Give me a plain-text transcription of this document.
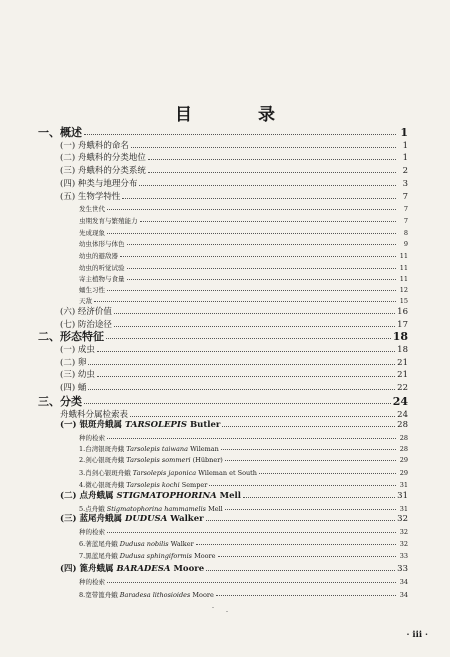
目 录
一、概述	1
(一) 舟蛾科的命名	1
(二) 舟蛾科的分类地位	1
(三) 舟蛾科的分类系统	2
(四) 种类与地理分布	3
(五) 生物学特性	7
发生世代	7
虫期发育与繁殖能力	7
先成现象	8
幼虫体形与体色	9
幼虫的避敌器	11
幼虫的听觉试验	11
寄主植物与食量	11
蛹生习性	12
天敌	15
(六) 经济价值	16
(七) 防治途径	17
二、形态特征	18
(一) 成虫	18
(二) 卵	21
(三) 幼虫	21
(四) 蛹	22
三、分类	24
舟蛾科分属检索表	24
(一) 银斑舟蛾属 TARSOLEPIS Butler	28
种的检索	28
1.台湾银斑舟蛾 Tarsolepis taiwana Wileman	28
2.剑心银斑舟蛾 Tarsolepis sommeri (Hübner)	29
3.肖剑心银斑舟蛾 Tarsolepis japonica Wileman et South	29
4.微心银斑舟蛾 Tarsolepis kochi Semper	31
(二) 点舟蛾属 STIGMATOPHORINA Mell	31
5.点舟蛾 Stigmatophorina hammamelis Mell	31
(三) 蓝尾舟蛾属 DUDUSA Walker	32
种的检索	32
6.著蓝尾舟蛾 Dudusa nobilis Walker	32
7.黑蓝尾舟蛾 Dudusa sphingiformis Moore	33
(四) 篦舟蛾属 BARADESA Moore	33
种的检索	34
8.宽带篦舟蛾 Baradesa lithosioides Moore	34
· iii ·
